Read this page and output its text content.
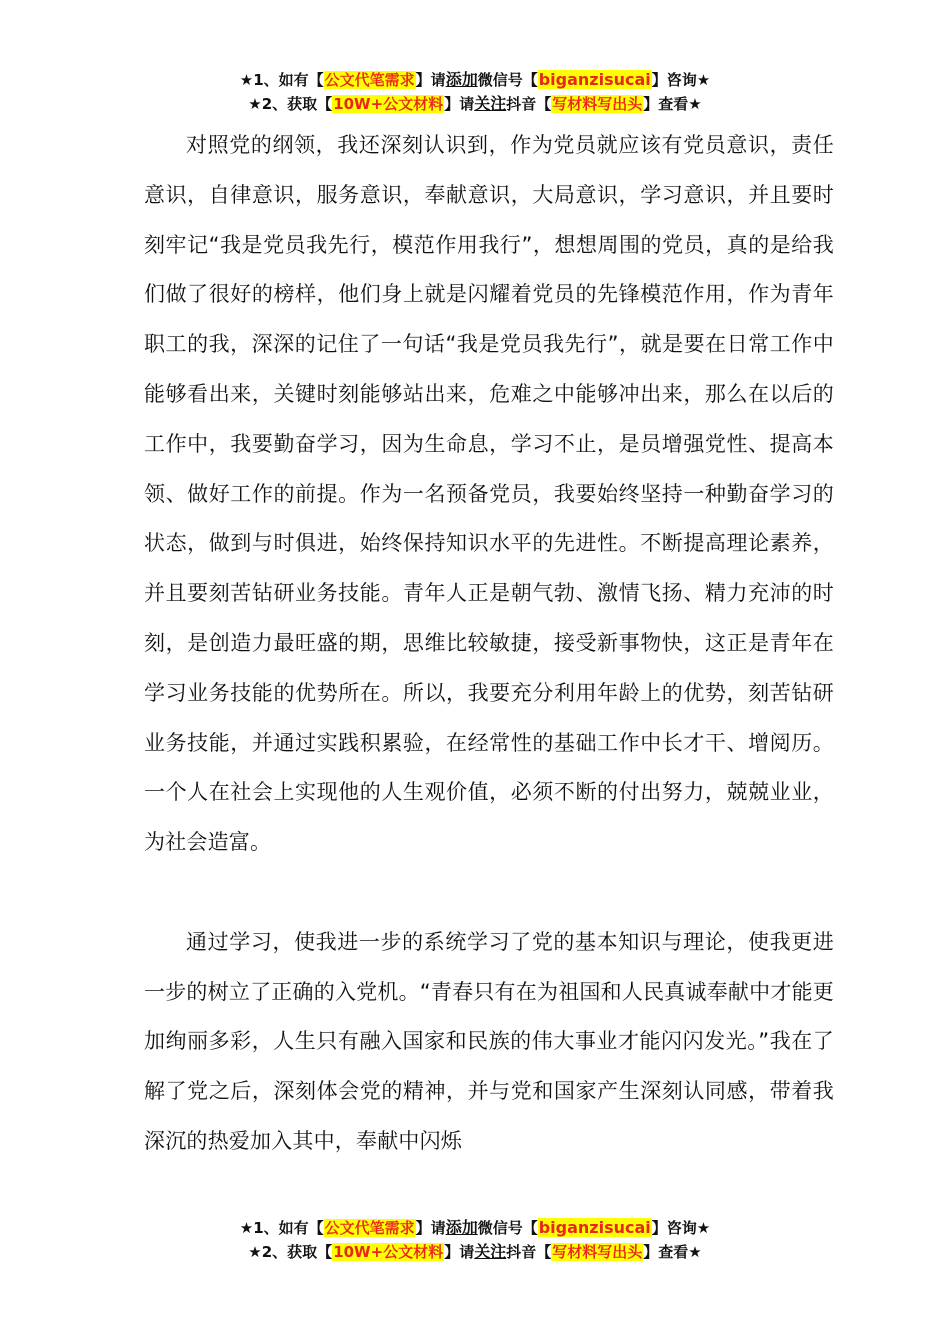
★1、如有【公文代笔需求】请添加微信号【biganzisucai】咨询★
★2、获取【10W+公文材料】请关注抖音【写材料写出头】查看★

对照党的纲领，我还深刻认识到，作为党员就应该有党员意识，责任意识，自律意识，服务意识，奉献意识，大局意识，学习意识，并且要时刻牢记“我是党员我先行，模范作用我行”，想想周围的党员，真的是给我们做了很好的榜样，他们身上就是闪耀着党员的先锋模范作用，作为青年职工的我，深深的记住了一句话“我是党员我先行”，就是要在日常工作中能够看出来，关键时刻能够站出来，危难之中能够冲出来，那么在以后的工作中，我要勤奋学习，因为生命息，学习不止，是员增强党性、提高本领、做好工作的前提。作为一名预备党员，我要始终坚持一种勤奋学习的状态，做到与时俱进，始终保持知识水平的先进性。不断提高理论素养，并且要刻苦钻研业务技能。青年人正是朝气勃、激情飞扬、精力充沛的时刻，是创造力最旺盛的期，思维比较敏捷，接受新事物快，这正是青年在学习业务技能的优势所在。所以，我要充分利用年龄上的优势，刻苦钻研业务技能，并通过实践积累验，在经常性的基础工作中长才干、增阅历。一个人在社会上实现他的人生观价值，必须不断的付出努力，兢兢业业，为社会造富。

通过学习，使我进一步的系统学习了党的基本知识与理论，使我更进一步的树立了正确的入党机。“青春只有在为祖国和人民真诚奉献中才能更加绚丽多彩，人生只有融入国家和民族的伟大事业才能闪闪发光。”我在了解了党之后，深刻体会党的精神，并与党和国家产生深刻认同感，带着我深沉的热爱加入其中，奉献中闪烁

★1、如有【公文代笔需求】请添加微信号【biganzisucai】咨询★
★2、获取【10W+公文材料】请关注抖音【写材料写出头】查看★
